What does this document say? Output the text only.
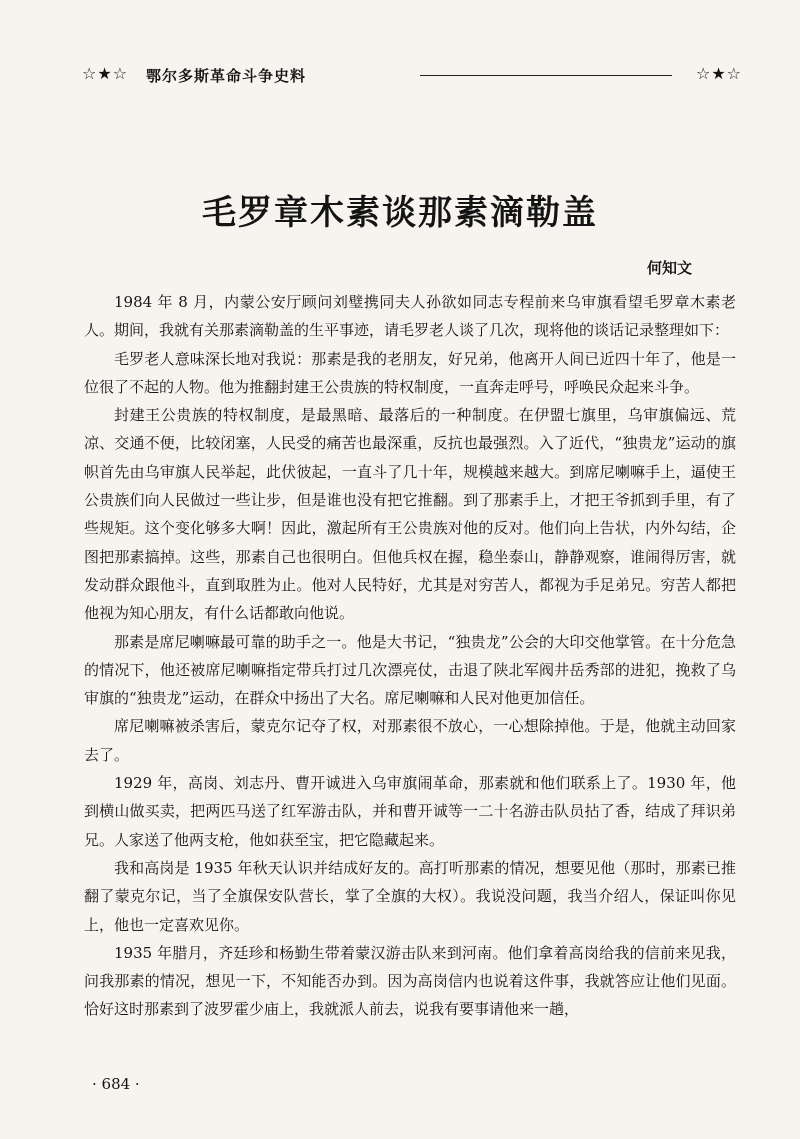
☆★☆ 鄂尔多斯革命斗争史料	☆★☆
毛罗章木素谈那素滴勒盖
何知文

1984 年 8 月，内蒙公安厅顾问刘璧携同夫人孙欲如同志专程前来乌审旗看望毛罗章木素老人。期间，我就有关那素滴勒盖的生平事迹，请毛罗老人谈了几次，现将他的谈话记录整理如下：

毛罗老人意味深长地对我说：那素是我的老朋友，好兄弟，他离开人间已近四十年了，他是一位很了不起的人物。他为推翻封建王公贵族的特权制度，一直奔走呼号，呼唤民众起来斗争。

封建王公贵族的特权制度，是最黑暗、最落后的一种制度。在伊盟七旗里，乌审旗偏远、荒凉、交通不便，比较闭塞，人民受的痛苦也最深重，反抗也最强烈。入了近代，“独贵龙”运动的旗帜首先由乌审旗人民举起，此伏彼起，一直斗了几十年，规模越来越大。到席尼喇嘛手上，逼使王公贵族们向人民做过一些让步，但是谁也没有把它推翻。到了那素手上，才把王爷抓到手里，有了些规矩。这个变化够多大啊！因此，激起所有王公贵族对他的反对。他们向上告状，内外勾结，企图把那素搞掉。这些，那素自己也很明白。但他兵权在握，稳坐泰山，静静观察，谁闹得厉害，就发动群众跟他斗，直到取胜为止。他对人民特好，尤其是对穷苦人，都视为手足弟兄。穷苦人都把他视为知心朋友，有什么话都敢向他说。

那素是席尼喇嘛最可靠的助手之一。他是大书记，“独贵龙”公会的大印交他掌管。在十分危急的情况下，他还被席尼喇嘛指定带兵打过几次漂亮仗，击退了陕北军阀井岳秀部的进犯，挽救了乌审旗的“独贵龙”运动，在群众中扬出了大名。席尼喇嘛和人民对他更加信任。

席尼喇嘛被杀害后，蒙克尔记夺了权，对那素很不放心，一心想除掉他。于是，他就主动回家去了。

1929 年，高岗、刘志丹、曹开诚进入乌审旗闹革命，那素就和他们联系上了。1930 年，他到横山做买卖，把两匹马送了红军游击队，并和曹开诚等一二十名游击队员拈了香，结成了拜识弟兄。人家送了他两支枪，他如获至宝，把它隐藏起来。

我和高岗是 1935 年秋天认识并结成好友的。高打听那素的情况，想要见他（那时，那素已推翻了蒙克尔记，当了全旗保安队营长，掌了全旗的大权）。我说没问题，我当介绍人，保证叫你见上，他也一定喜欢见你。

1935 年腊月，齐廷珍和杨勤生带着蒙汉游击队来到河南。他们拿着高岗给我的信前来见我，问我那素的情况，想见一下，不知能否办到。因为高岗信内也说着这件事，我就答应让他们见面。恰好这时那素到了波罗霍少庙上，我就派人前去，说我有要事请他来一趟，

· 684 ·
